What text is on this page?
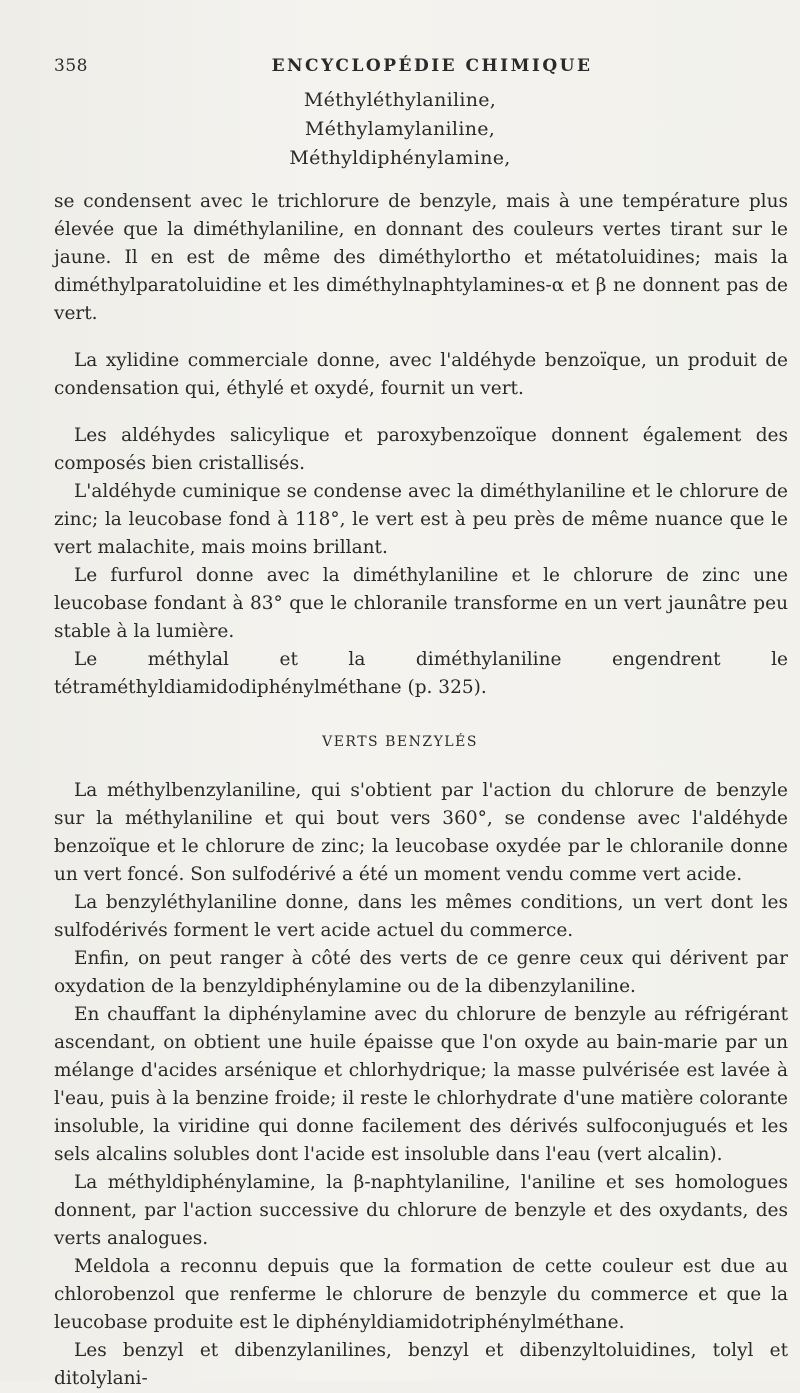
358	ENCYCLOPÉDIE CHIMIQUE
Méthyléthylaniline,
Méthylamylaniline,
Méthyldiphénylamine,

se condensent avec le trichlorure de benzyle, mais à une température plus élevée que la diméthylaniline, en donnant des couleurs vertes tirant sur le jaune. Il en est de même des diméthylortho et métatoluidines; mais la diméthylparatoluidine et les diméthylnaphtylamines-α et β ne donnent pas de vert.

La xylidine commerciale donne, avec l'aldéhyde benzoïque, un produit de condensation qui, éthylé et oxydé, fournit un vert.

Les aldéhydes salicylique et paroxybenzoïque donnent également des composés bien cristallisés.

L'aldéhyde cuminique se condense avec la diméthylaniline et le chlorure de zinc; la leucobase fond à 118°, le vert est à peu près de même nuance que le vert malachite, mais moins brillant.

Le furfurol donne avec la diméthylaniline et le chlorure de zinc une leucobase fondant à 83° que le chloranile transforme en un vert jaunâtre peu stable à la lumière.

Le méthylal et la diméthylaniline engendrent le tétraméthyldiamidodiphénylméthane (p. 325).

VERTS BENZYLÉS

La méthylbenzylaniline, qui s'obtient par l'action du chlorure de benzyle sur la méthylaniline et qui bout vers 360°, se condense avec l'aldéhyde benzoïque et le chlorure de zinc; la leucobase oxydée par le chloranile donne un vert foncé. Son sulfodérivé a été un moment vendu comme vert acide.

La benzyléthylaniline donne, dans les mêmes conditions, un vert dont les sulfodérivés forment le vert acide actuel du commerce.

Enfin, on peut ranger à côté des verts de ce genre ceux qui dérivent par oxydation de la benzyldiphénylamine ou de la dibenzylaniline.

En chauffant la diphénylamine avec du chlorure de benzyle au réfrigérant ascendant, on obtient une huile épaisse que l'on oxyde au bain-marie par un mélange d'acides arsénique et chlorhydrique; la masse pulvérisée est lavée à l'eau, puis à la benzine froide; il reste le chlorhydrate d'une matière colorante insoluble, la viridine qui donne facilement des dérivés sulfoconjugués et les sels alcalins solubles dont l'acide est insoluble dans l'eau (vert alcalin).

La méthyldiphénylamine, la β-naphtylaniline, l'aniline et ses homologues donnent, par l'action successive du chlorure de benzyle et des oxydants, des verts analogues.

Meldola a reconnu depuis que la formation de cette couleur est due au chlorobenzol que renferme le chlorure de benzyle du commerce et que la leucobase produite est le diphényldiamidotriphénylméthane.

Les benzyl et dibenzylanilines, benzyl et dibenzyltoluidines, tolyl et ditolylani-
